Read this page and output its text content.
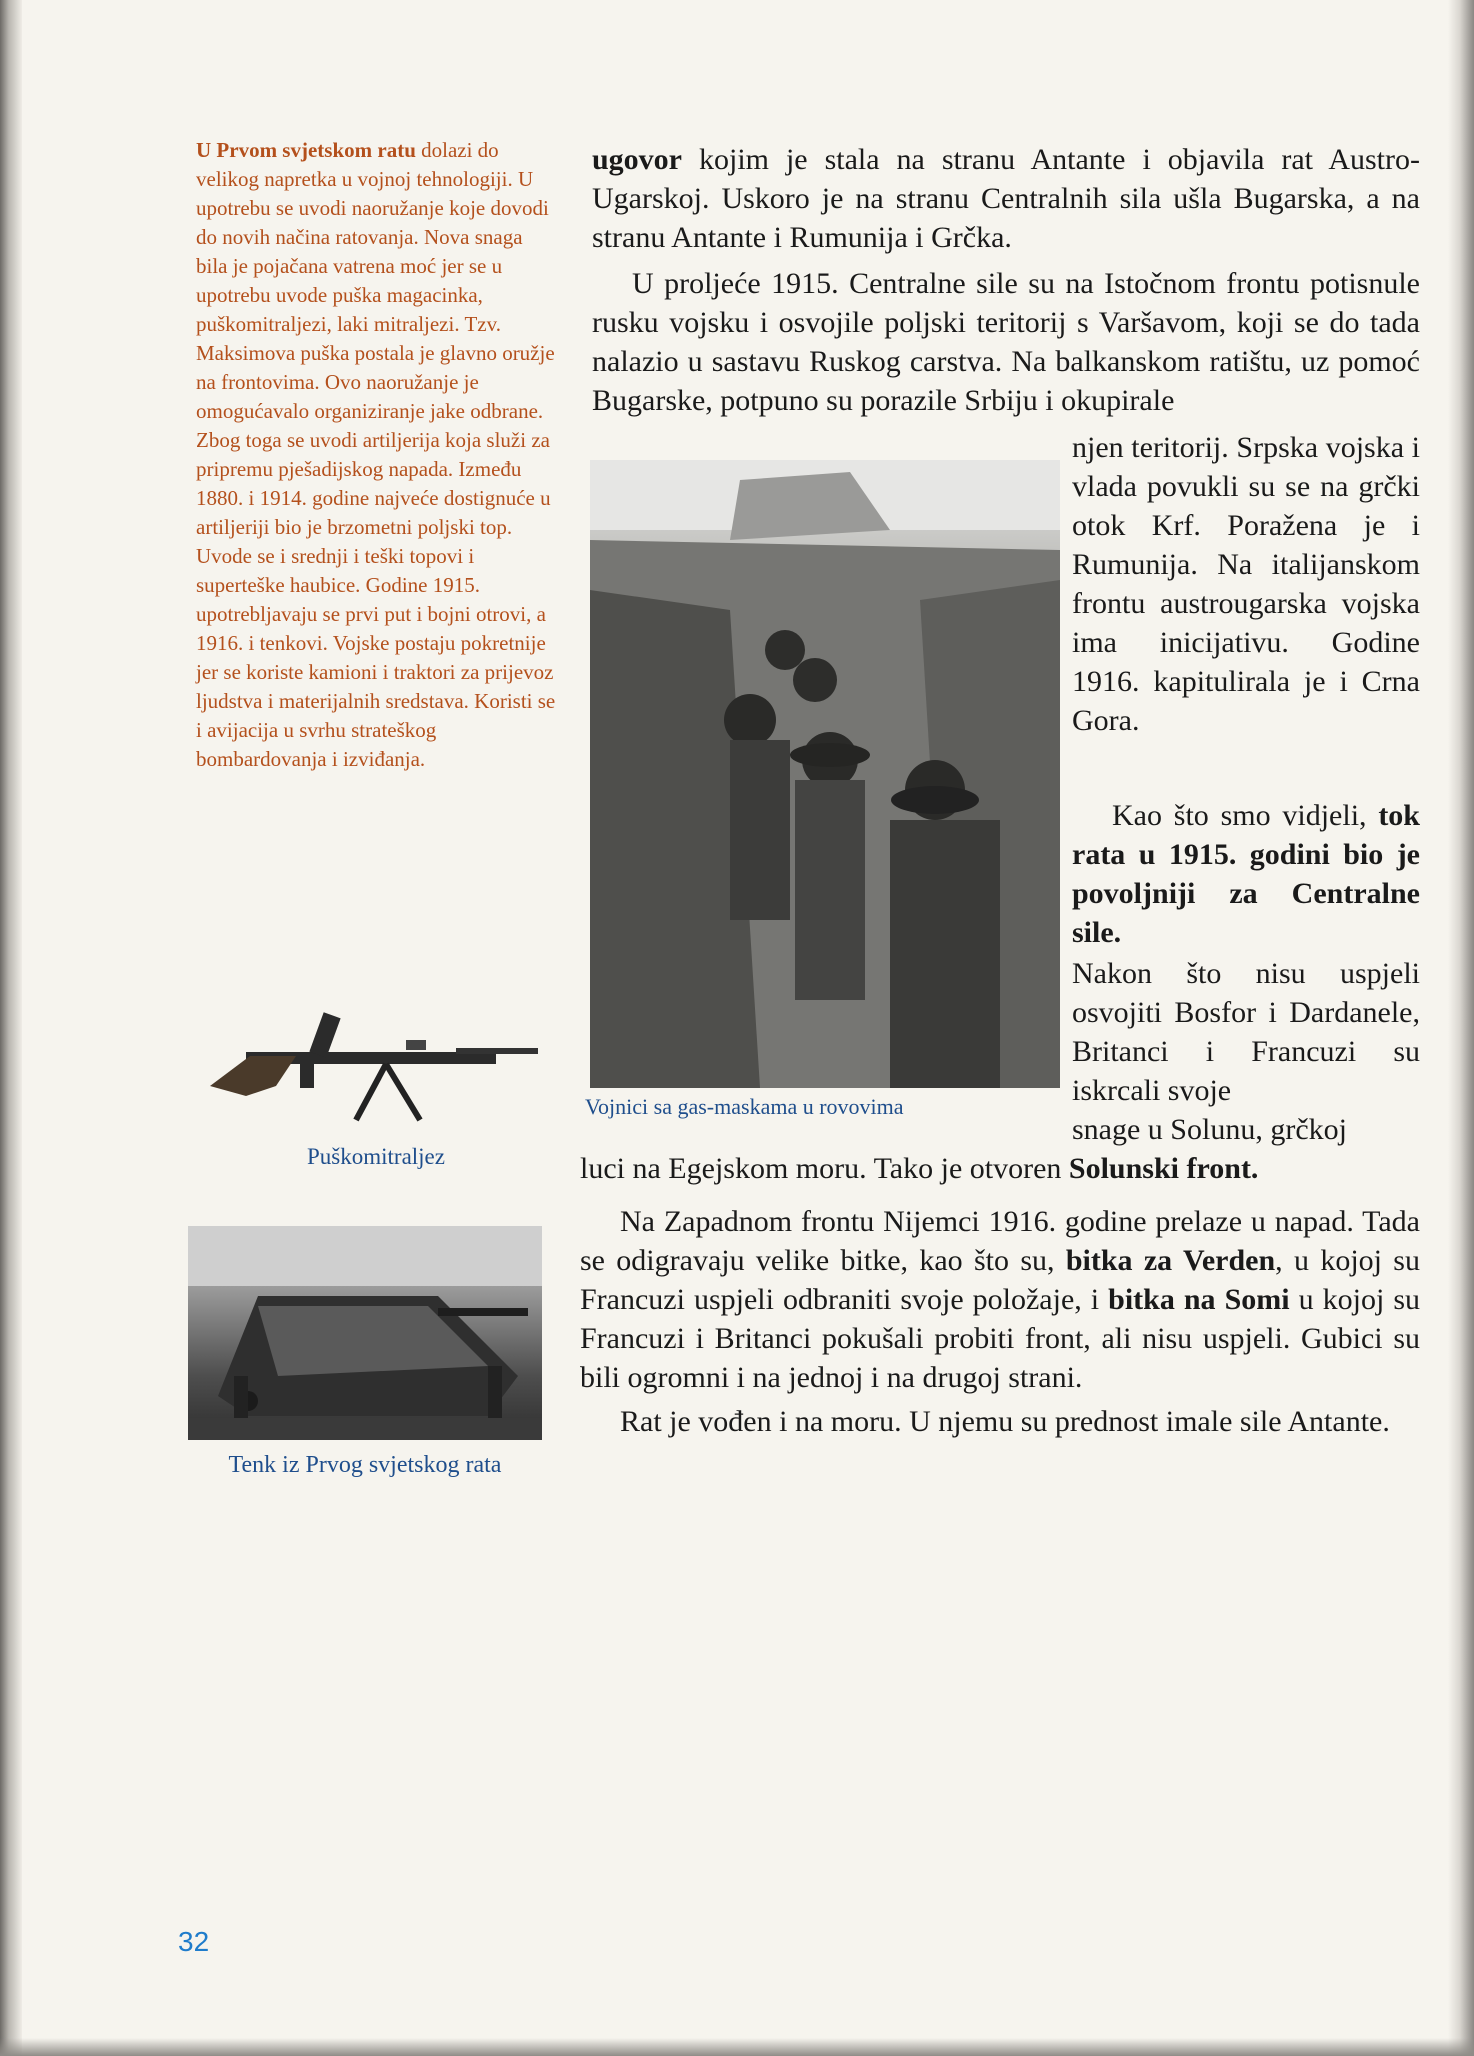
U Prvom svjetskom ratu dolazi do velikog napretka u vojnoj tehnologiji. U upotrebu se uvodi naoružanje koje dovodi do novih načina ratovanja. Nova snaga bila je pojačana vatrena moć jer se u upotrebu uvode puška magacinka, puškomitraljezi, laki mitraljezi. Tzv. Maksimova puška postala je glavno oružje na frontovima. Ovo naoružanje je omogućavalo organiziranje jake odbrane. Zbog toga se uvodi artiljerija koja služi za pripremu pješadijskog napada. Između 1880. i 1914. godine najveće dostignuće u artiljeriji bio je brzometni poljski top. Uvode se i srednji i teški topovi i superteške haubice. Godine 1915. upotrebljavaju se prvi put i bojni otrovi, a 1916. i tenkovi. Vojske postaju pokretnije jer se koriste kamioni i traktori za prijevoz ljudstva i materijalnih sredstava. Koristi se i avijacija u svrhu strateškog bombardovanja i izviđanja.
Puškomitraljez
Tenk iz Prvog svjetskog rata
Vojnici sa gas-maskama u rovovima
ugovor kojim je stala na stranu Antante i objavila rat Austro-Ugarskoj. Uskoro je na stranu Centralnih sila ušla Bugarska, a na stranu Antante i Rumunija i Grčka.
U proljeće 1915. Centralne sile su na Istočnom frontu potisnule rusku vojsku i osvojile poljski teritorij s Varšavom, koji se do tada nalazio u sastavu Ruskog carstva. Na balkanskom ratištu, uz pomoć Bugarske, potpuno su porazile Srbiju i okupirale
njen teritorij. Srpska vojska i vlada povukli su se na grčki otok Krf. Poražena je i Rumunija. Na italijanskom frontu austrougarska vojska ima inicijativu. Godine 1916. kapitulirala je i Crna Gora.
Kao što smo vidjeli, tok rata u 1915. godini bio je povoljniji za Centralne sile.
Nakon što nisu uspjeli osvojiti Bosfor i Dardanele, Britanci i Francuzi su iskrcali svoje
snage u Solunu, grčkoj
luci na Egejskom moru. Tako je otvoren Solunski front.
Na Zapadnom frontu Nijemci 1916. godine prelaze u napad. Tada se odigravaju velike bitke, kao što su, bitka za Verden, u kojoj su Francuzi uspjeli odbraniti svoje položaje, i bitka na Somi u kojoj su Francuzi i Britanci pokušali probiti front, ali nisu uspjeli. Gubici su bili ogromni i na jednoj i na drugoj strani.
Rat je vođen i na moru. U njemu su prednost imale sile Antante.
32
